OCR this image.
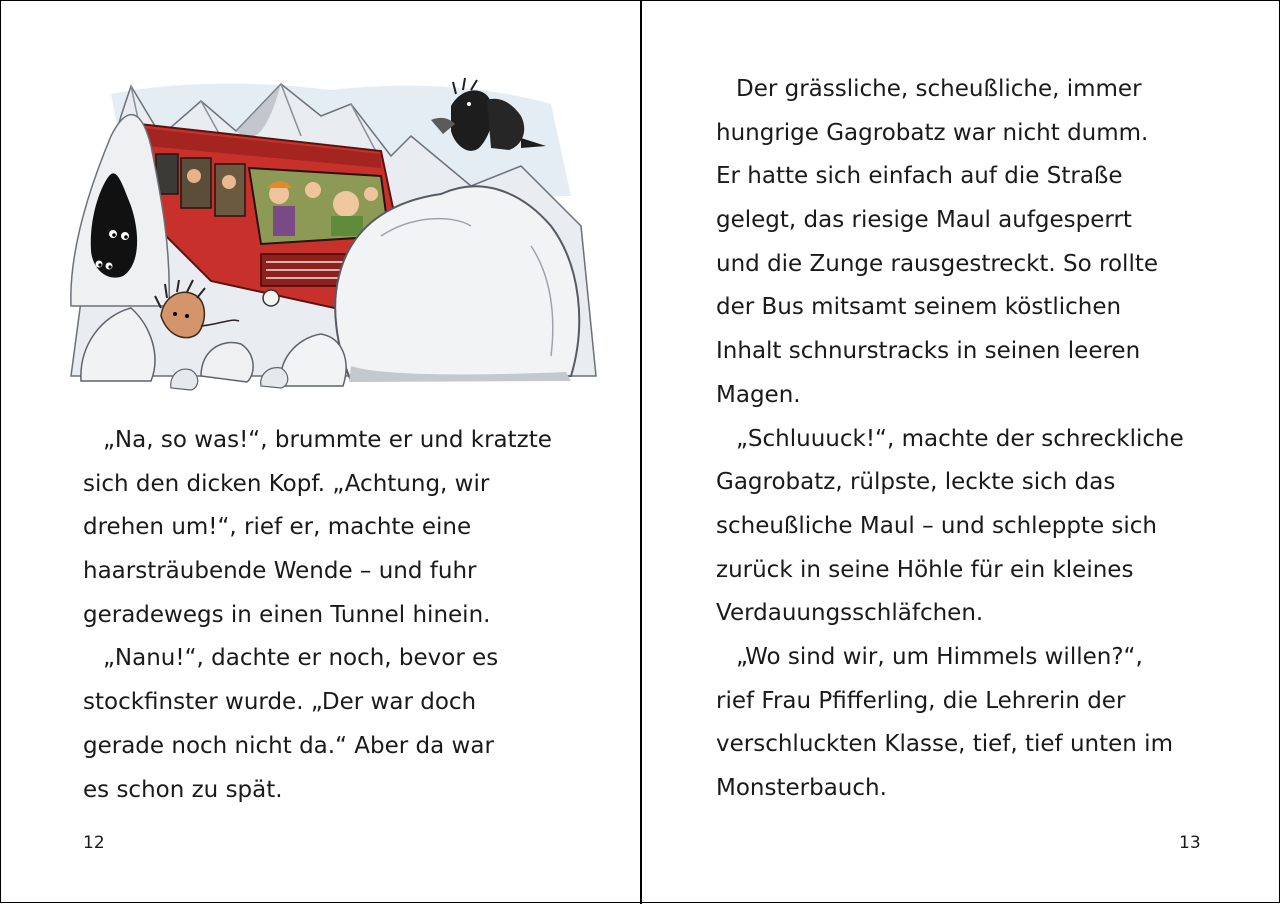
„Na, so was!“, brummte er und kratzte
sich den dicken Kopf. „Achtung, wir
drehen um!“, rief er, machte eine
haarsträubende Wende – und fuhr
geradewegs in einen Tunnel hinein.
„Nanu!“, dachte er noch, bevor es
stockfinster wurde. „Der war doch
gerade noch nicht da.“ Aber da war
es schon zu spät.
12
Der grässliche, scheußliche, immer
hungrige Gagrobatz war nicht dumm.
Er hatte sich einfach auf die Straße
gelegt, das riesige Maul aufgesperrt
und die Zunge rausgestreckt. So rollte
der Bus mitsamt seinem köstlichen
Inhalt schnurstracks in seinen leeren
Magen.
„Schluuuck!“, machte der schreckliche
Gagrobatz, rülpste, leckte sich das
scheußliche Maul – und schleppte sich
zurück in seine Höhle für ein kleines
Verdauungsschläfchen.
„Wo sind wir, um Himmels willen?“,
rief Frau Pfifferling, die Lehrerin der
verschluckten Klasse, tief, tief unten im
Monsterbauch.
13
